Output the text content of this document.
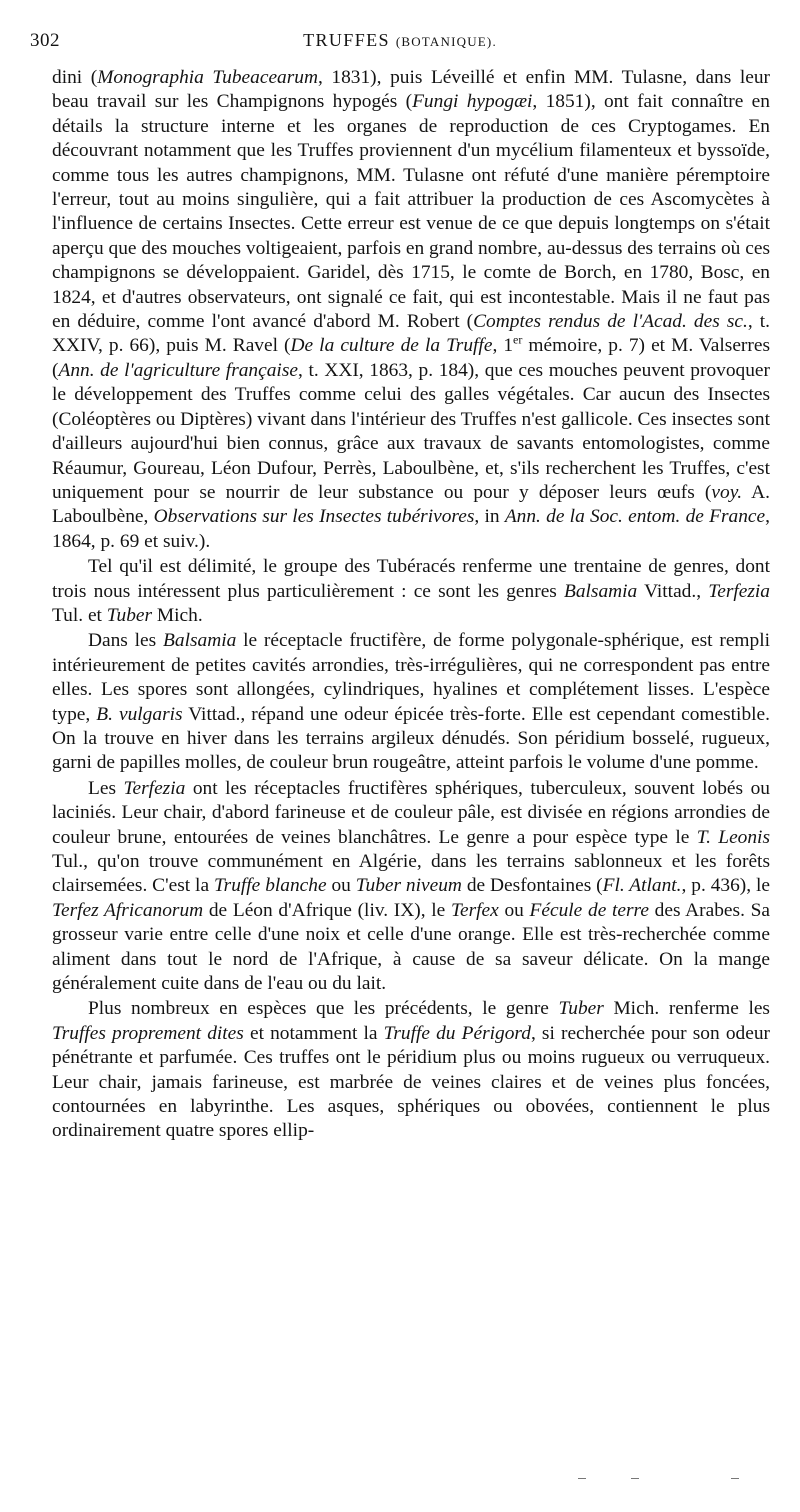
302	TRUFFES (BOTANIQUE).

dini (Monographia Tubeacearum, 1831), puis Léveillé et enfin MM. Tulasne, dans leur beau travail sur les Champignons hypogés (Fungi hypogæi, 1851), ont fait connaître en détails la structure interne et les organes de reproduction de ces Cryptogames. En découvrant notamment que les Truffes proviennent d'un mycélium filamenteux et byssoïde, comme tous les autres champignons, MM. Tulasne ont réfuté d'une manière péremptoire l'erreur, tout au moins singulière, qui a fait attribuer la production de ces Ascomycètes à l'influence de certains Insectes. Cette erreur est venue de ce que depuis longtemps on s'était aperçu que des mouches voltigeaient, parfois en grand nombre, au-dessus des terrains où ces champignons se développaient. Garidel, dès 1715, le comte de Borch, en 1780, Bosc, en 1824, et d'autres observateurs, ont signalé ce fait, qui est incontestable. Mais il ne faut pas en déduire, comme l'ont avancé d'abord M. Robert (Comptes rendus de l'Acad. des sc., t. XXIV, p. 66), puis M. Ravel (De la culture de la Truffe, 1er mémoire, p. 7) et M. Valserres (Ann. de l'agriculture française, t. XXI, 1863, p. 184), que ces mouches peuvent provoquer le développement des Truffes comme celui des galles végétales. Car aucun des Insectes (Coléoptères ou Diptères) vivant dans l'intérieur des Truffes n'est gallicole. Ces insectes sont d'ailleurs aujourd'hui bien connus, grâce aux travaux de savants entomologistes, comme Réaumur, Goureau, Léon Dufour, Perrès, Laboulbène, et, s'ils recherchent les Truffes, c'est uniquement pour se nourrir de leur substance ou pour y déposer leurs œufs (voy. A. Laboulbène, Observations sur les Insectes tubérivores, in Ann. de la Soc. entom. de France, 1864, p. 69 et suiv.).

Tel qu'il est délimité, le groupe des Tubéracés renferme une trentaine de genres, dont trois nous intéressent plus particulièrement : ce sont les genres Balsamia Vittad., Terfezia Tul. et Tuber Mich.

Dans les Balsamia le réceptacle fructifère, de forme polygonale-sphérique, est rempli intérieurement de petites cavités arrondies, très-irrégulières, qui ne correspondent pas entre elles. Les spores sont allongées, cylindriques, hyalines et complétement lisses. L'espèce type, B. vulgaris Vittad., répand une odeur épicée très-forte. Elle est cependant comestible. On la trouve en hiver dans les terrains argileux dénudés. Son péridium bosselé, rugueux, garni de papilles molles, de couleur brun rougeâtre, atteint parfois le volume d'une pomme.

Les Terfezia ont les réceptacles fructifères sphériques, tuberculeux, souvent lobés ou laciniés. Leur chair, d'abord farineuse et de couleur pâle, est divisée en régions arrondies de couleur brune, entourées de veines blanchâtres. Le genre a pour espèce type le T. Leonis Tul., qu'on trouve communément en Algérie, dans les terrains sablonneux et les forêts clairsemées. C'est la Truffe blanche ou Tuber niveum de Desfontaines (Fl. Atlant., p. 436), le Terfez Africanorum de Léon d'Afrique (liv. IX), le Terfex ou Fécule de terre des Arabes. Sa grosseur varie entre celle d'une noix et celle d'une orange. Elle est très-recherchée comme aliment dans tout le nord de l'Afrique, à cause de sa saveur délicate. On la mange généralement cuite dans de l'eau ou du lait.

Plus nombreux en espèces que les précédents, le genre Tuber Mich. renferme les Truffes proprement dites et notamment la Truffe du Périgord, si recherchée pour son odeur pénétrante et parfumée. Ces truffes ont le péridium plus ou moins rugueux ou verruqueux. Leur chair, jamais farineuse, est marbrée de veines claires et de veines plus foncées, contournées en labyrinthe. Les asques, sphériques ou obovées, contiennent le plus ordinairement quatre spores ellip-
